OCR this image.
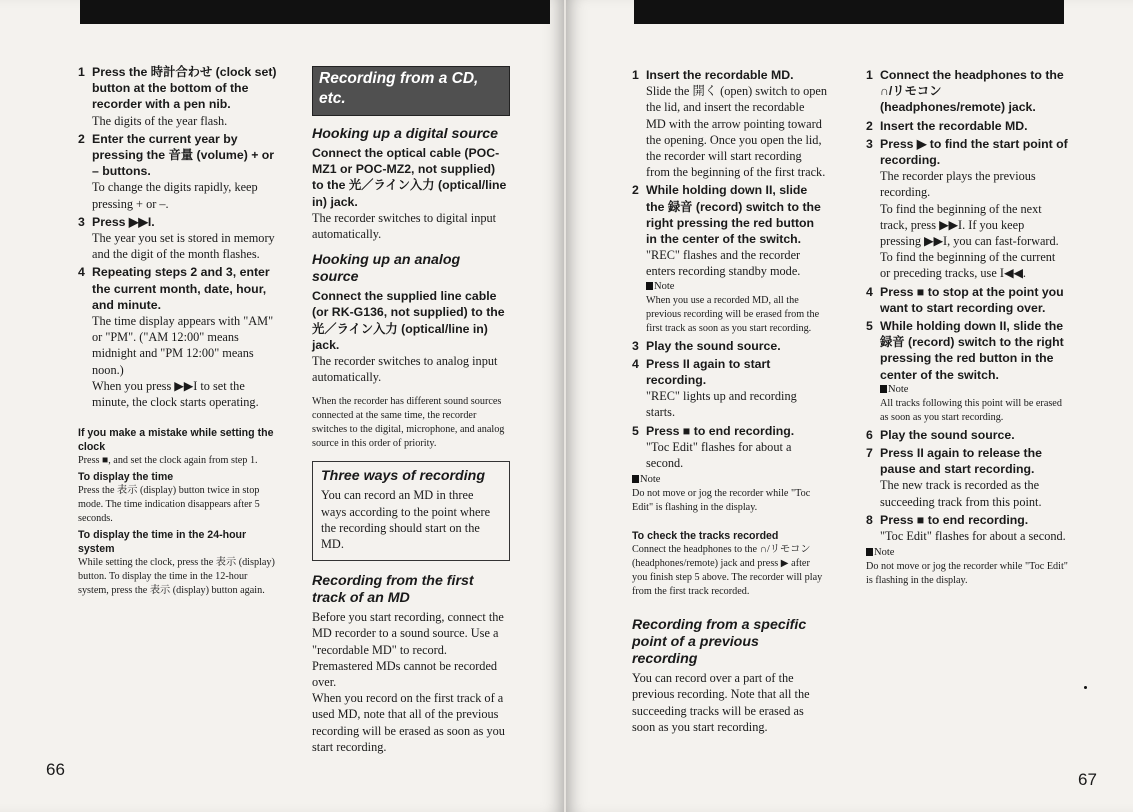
1 Press the 時計合わせ (clock set) button at the bottom of the recorder with a pen nib.
The digits of the year flash.
2 Enter the current year by pressing the 音量 (volume) + or – buttons.
To change the digits rapidly, keep pressing + or –.
3 Press ▶▶I.
The year you set is stored in memory and the digit of the month flashes.
4 Repeating steps 2 and 3, enter the current month, date, hour, and minute.
The time display appears with "AM" or "PM". ("AM 12:00" means midnight and "PM 12:00" means noon.)
When you press ▶▶I to set the minute, the clock starts operating.
If you make a mistake while setting the clock
Press ■, and set the clock again from step 1.
To display the time
Press the 表示 (display) button twice in stop mode. The time indication disappears after 5 seconds.
To display the time in the 24-hour system
While setting the clock, press the 表示 (display) button. To display the time in the 12-hour system, press the 表示 (display) button again.
Recording from a CD, etc.
Hooking up a digital source
Connect the optical cable (POC-MZ1 or POC-MZ2, not supplied) to the 光／ライン入力 (optical/line in) jack.
The recorder switches to digital input automatically.
Hooking up an analog source
Connect the supplied line cable (or RK-G136, not supplied) to the 光／ライン入力 (optical/line in) jack.
The recorder switches to analog input automatically.
When the recorder has different sound sources connected at the same time, the recorder switches to the digital, microphone, and analog source in this order of priority.
Three ways of recording
You can record an MD in three ways according to the point where the recording should start on the MD.
Recording from the first track of an MD
Before you start recording, connect the MD recorder to a sound source. Use a "recordable MD" to record. Premastered MDs cannot be recorded over.
When you record on the first track of a used MD, note that all of the previous recording will be erased as soon as you start recording.
66
1 Insert the recordable MD.
Slide the 開く (open) switch to open the lid, and insert the recordable MD with the arrow pointing toward the opening. Once you open the lid, the recorder will start recording from the beginning of the first track.
2 While holding down II, slide the 録音 (record) switch to the right pressing the red button in the center of the switch.
"REC" flashes and the recorder enters recording standby mode.
Note
When you use a recorded MD, all the previous recording will be erased from the first track as soon as you start recording.
3 Play the sound source.
4 Press II again to start recording.
"REC" lights up and recording starts.
5 Press ■ to end recording.
"Toc Edit" flashes for about a second.
Note
Do not move or jog the recorder while "Toc Edit" is flashing in the display.
To check the tracks recorded
Connect the headphones to the ∩/リモコン (headphones/remote) jack and press ▶ after you finish step 5 above. The recorder will play from the first track recorded.
Recording from a specific point of a previous recording
You can record over a part of the previous recording. Note that all the succeeding tracks will be erased as soon as you start recording.
1 Connect the headphones to the ∩/リモコン (headphones/remote) jack.
2 Insert the recordable MD.
3 Press ▶ to find the start point of recording.
The recorder plays the previous recording.
To find the beginning of the next track, press ▶▶I. If you keep pressing ▶▶I, you can fast-forward.
To find the beginning of the current or preceding tracks, use I◀◀.
4 Press ■ to stop at the point you want to start recording over.
5 While holding down II, slide the 録音 (record) switch to the right pressing the red button in the center of the switch.
Note
All tracks following this point will be erased as soon as you start recording.
6 Play the sound source.
7 Press II again to release the pause and start recording.
The new track is recorded as the succeeding track from this point.
8 Press ■ to end recording.
"Toc Edit" flashes for about a second.
Note
Do not move or jog the recorder while "Toc Edit" is flashing in the display.
67
